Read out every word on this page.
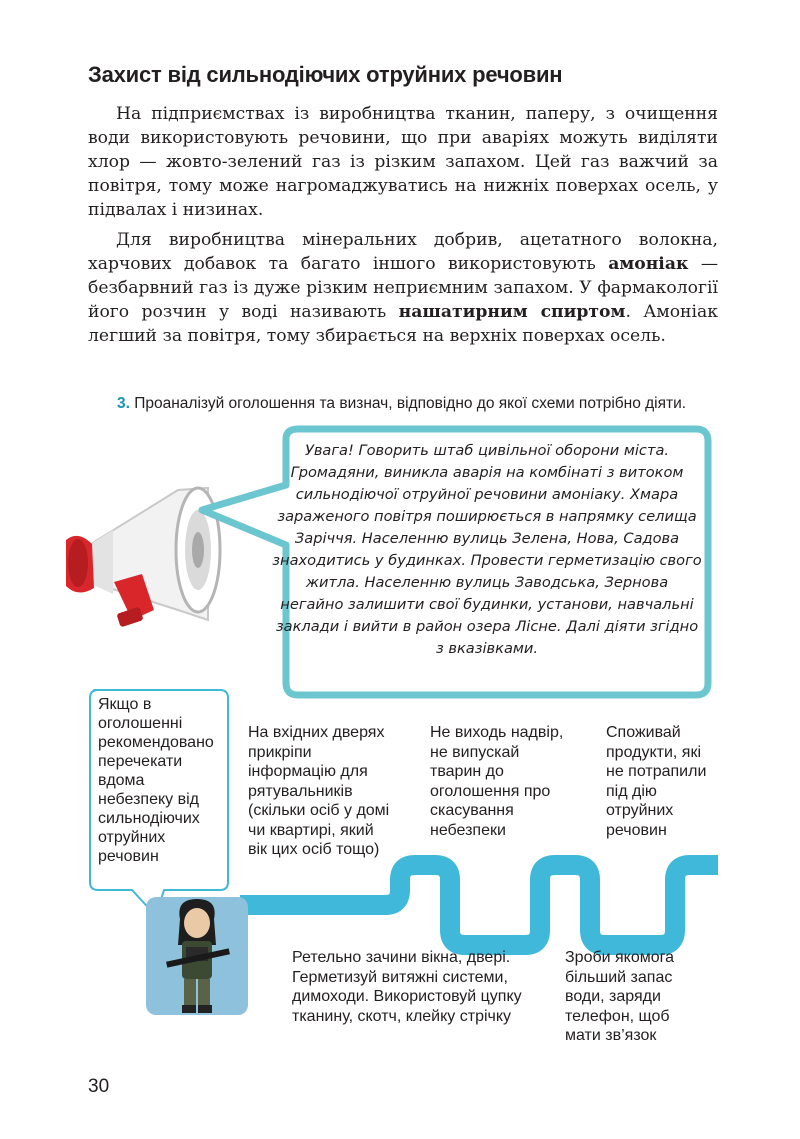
Захист від сильнодіючих отруйних речовин

На підприємствах із виробництва тканин, паперу, з очищення води використовують речовини, що при аваріях можуть виділяти хлор — жовто-зелений газ із різким запахом. Цей газ важчий за повітря, тому може нагромаджуватись на нижніх поверхах осель, у підвалах і низинах.

Для виробництва мінеральних добрив, ацетатного волокна, харчових добавок та багато іншого використовують амоніак — безбарвний газ із дуже різким неприємним запахом. У фармакології його розчин у воді називають нашатирним спиртом. Амоніак легший за повітря, тому збирається на верхніх поверхах осель.

3. Проаналізуй оголошення та визнач, відповідно до якої схеми потрібно діяти.

Увага! Говорить штаб цивільної оборони міста. Громадяни, виникла аварія на комбінаті з витоком сильнодіючої отруйної речовини амоніаку. Хмара зараженого повітря поширюється в напрямку селища Заріччя. Населенню вулиць Зелена, Нова, Садова знаходитись у будинках. Провести герметизацію свого житла. Населенню вулиць Заводська, Зернова негайно залишити свої будинки, установи, навчальні заклади і вийти в район озера Лісне. Далі діяти згідно з вказівками.

Якщо в оголошенні рекомендовано перечекати вдома небезпеку від сильнодіючих отруйних речовин

На вхідних дверях прикріпи інформацію для рятувальників (скільки осіб у домі чи квартирі, який вік цих осіб тощо)

Не виходь надвір, не випускай тварин до оголошення про скасування небезпеки

Споживай продукти, які не потрапили під дію отруйних речовин

Ретельно зачини вікна, двері. Герметизуй витяжні системи, димоходи. Використовуй цупку тканину, скотч, клейку стрічку

Зроби якомога більший запас води, заряди телефон, щоб мати зв’язок

30
